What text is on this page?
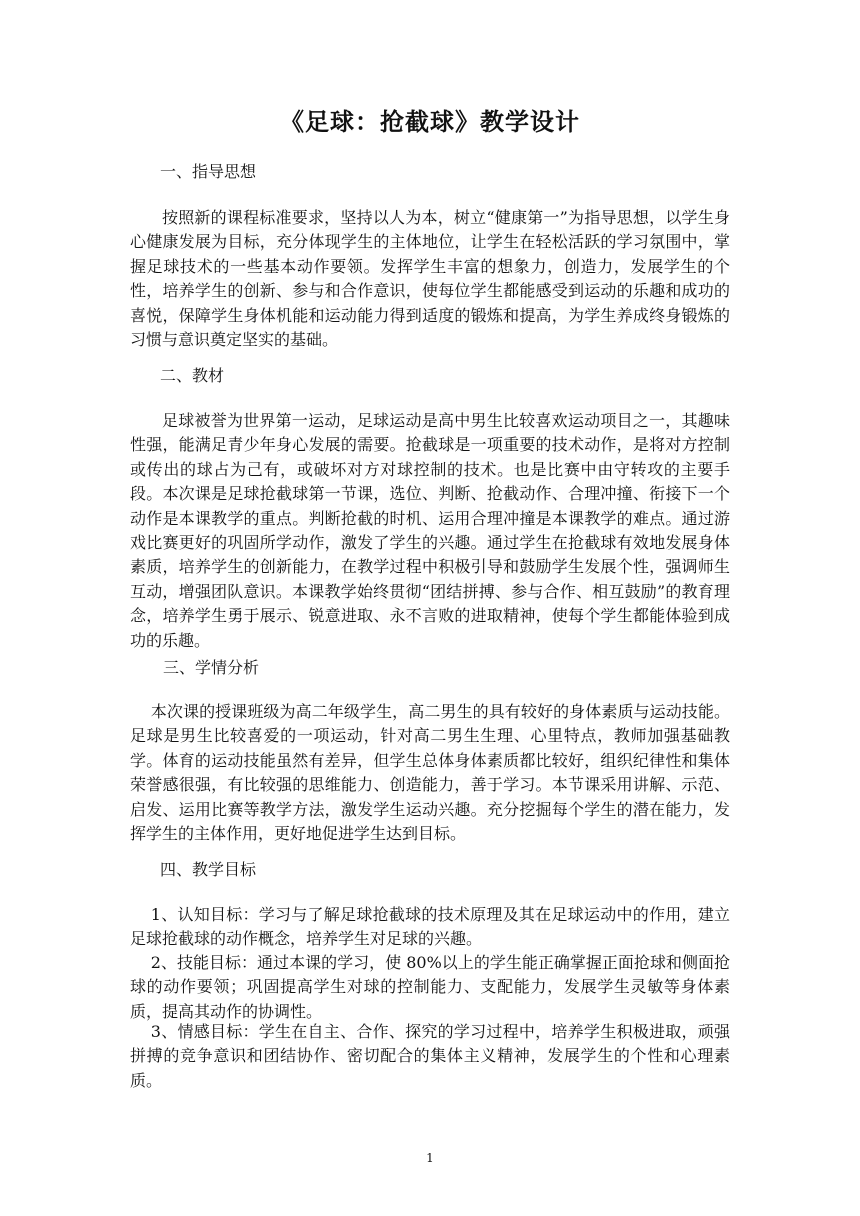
《足球：抢截球》教学设计
一、指导思想
按照新的课程标准要求，坚持以人为本，树立“健康第一”为指导思想，以学生身心健康发展为目标，充分体现学生的主体地位，让学生在轻松活跃的学习氛围中，掌握足球技术的一些基本动作要领。发挥学生丰富的想象力，创造力，发展学生的个性，培养学生的创新、参与和合作意识，使每位学生都能感受到运动的乐趣和成功的喜悦，保障学生身体机能和运动能力得到适度的锻炼和提高，为学生养成终身锻炼的习惯与意识奠定坚实的基础。
二、教材
足球被誉为世界第一运动，足球运动是高中男生比较喜欢运动项目之一，其趣味性强，能满足青少年身心发展的需要。抢截球是一项重要的技术动作，是将对方控制或传出的球占为己有，或破坏对方对球控制的技术。也是比赛中由守转攻的主要手段。本次课是足球抢截球第一节课，选位、判断、抢截动作、合理冲撞、衔接下一个动作是本课教学的重点。判断抢截的时机、运用合理冲撞是本课教学的难点。通过游戏比赛更好的巩固所学动作，激发了学生的兴趣。通过学生在抢截球有效地发展身体素质，培养学生的创新能力，在教学过程中积极引导和鼓励学生发展个性，强调师生互动，增强团队意识。本课教学始终贯彻“团结拼搏、参与合作、相互鼓励”的教育理念，培养学生勇于展示、锐意进取、永不言败的进取精神，使每个学生都能体验到成功的乐趣。
三、学情分析
本次课的授课班级为高二年级学生，高二男生的具有较好的身体素质与运动技能。足球是男生比较喜爱的一项运动，针对高二男生生理、心里特点，教师加强基础教学。体育的运动技能虽然有差异，但学生总体身体素质都比较好，组织纪律性和集体荣誉感很强，有比较强的思维能力、创造能力，善于学习。本节课采用讲解、示范、启发、运用比赛等教学方法，激发学生运动兴趣。充分挖掘每个学生的潜在能力，发挥学生的主体作用，更好地促进学生达到目标。
四、教学目标
1、认知目标：学习与了解足球抢截球的技术原理及其在足球运动中的作用，建立足球抢截球的动作概念，培养学生对足球的兴趣。
2、技能目标：通过本课的学习，使 80%以上的学生能正确掌握正面抢球和侧面抢球的动作要领；巩固提高学生对球的控制能力、支配能力，发展学生灵敏等身体素质，提高其动作的协调性。
3、情感目标：学生在自主、合作、探究的学习过程中，培养学生积极进取，顽强拼搏的竞争意识和团结协作、密切配合的集体主义精神，发展学生的个性和心理素质。
1
